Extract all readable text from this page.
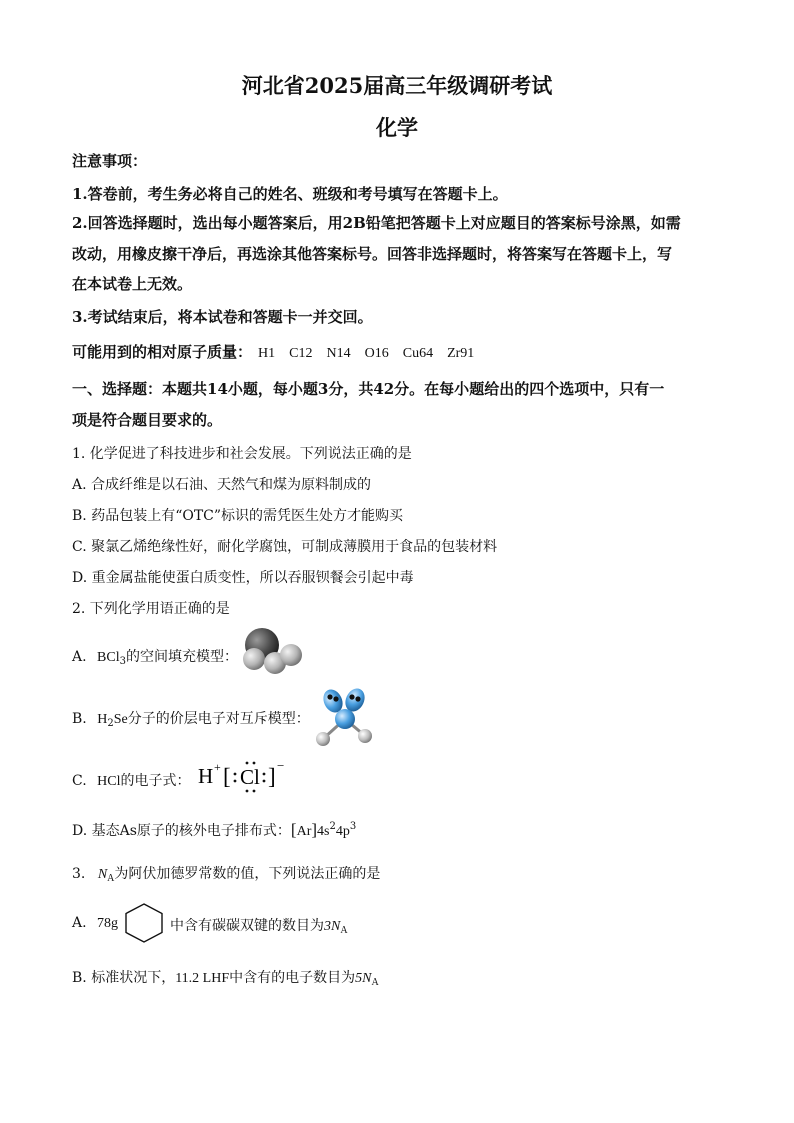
河北省2025届高三年级调研考试
化学
注意事项：
1.答卷前，考生务必将自己的姓名、班级和考号填写在答题卡上。
2.回答选择题时，选出每小题答案后，用2B铅笔把答题卡上对应题目的答案标号涂黑，如需
改动，用橡皮擦干净后，再选涂其他答案标号。回答非选择题时，将答案写在答题卡上，写
在本试卷上无效。
3.考试结束后，将本试卷和答题卡一并交回。
可能用到的相对原子质量： H1 C12 N14 O16 Cu64 Zr91
一、选择题：本题共14小题，每小题3分，共42分。在每小题给出的四个选项中，只有一
项是符合题目要求的。
1. 化学促进了科技进步和社会发展。下列说法正确的是
A. 合成纤维是以石油、天然气和煤为原料制成的
B. 药品包装上有“OTC”标识的需凭医生处方才能购买
C. 聚氯乙烯绝缘性好，耐化学腐蚀，可制成薄膜用于食品的包装材料
D. 重金属盐能使蛋白质变性，所以吞服钡餐会引起中毒
2. 下列化学用语正确的是
A. BCl$_3$的空间填充模型：
B. $H_2Se$分子的价层电子对互斥模型：
C. HCl的电子式： H + [ Cl ] −
D. 基态As原子的核外电子排布式：$[Ar]4s^24p^3$
3. $N_A$为阿伏加德罗常数的值，下列说法正确的是
A. 78g	中含有碳碳双键的数目为$3N_A$
B. 标准状况下，11.2 LHF中含有的电子数目为$5N_A$
